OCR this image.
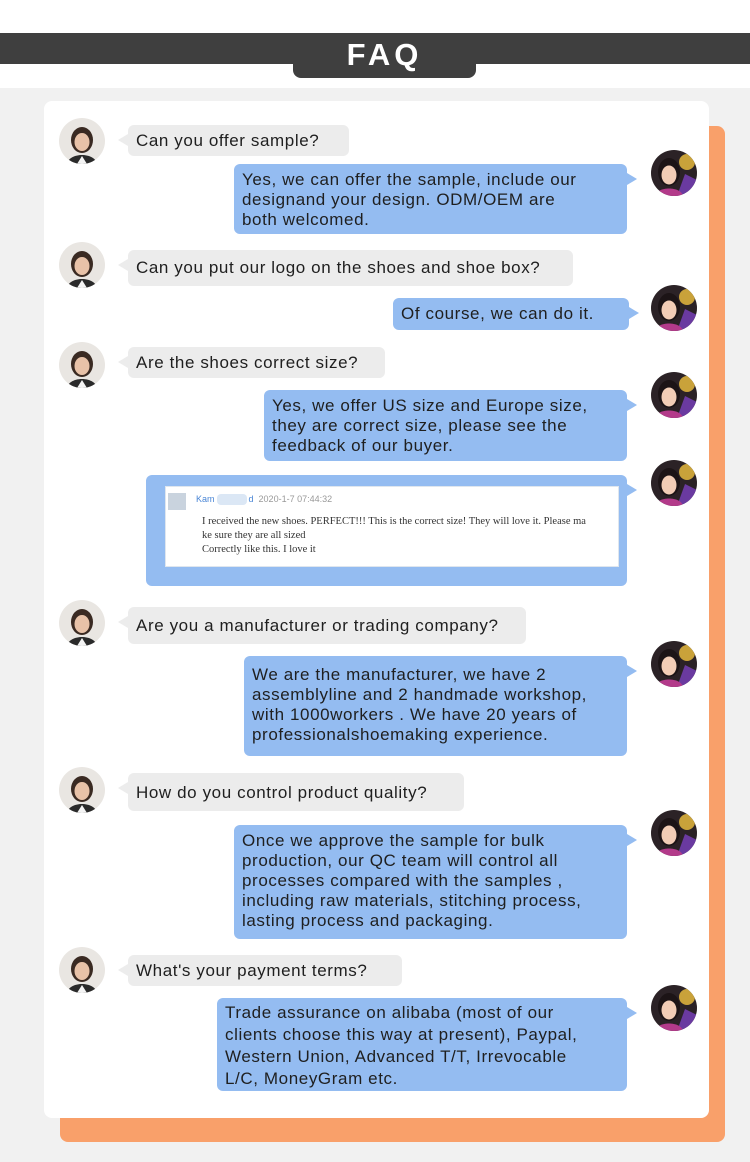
FAQ
Can you offer sample?
Yes, we can offer the sample, include our
designand your design. ODM/OEM are
both welcomed.
Can you put our logo on the shoes and shoe box?
Of course, we can do it.
Are the shoes correct size?
Yes, we offer US size and Europe size,
they are correct size, please see the
feedback of our buyer.
Kam	d 2020-1-7 07:44:32
I received the new shoes. PERFECT!!! This is the correct size! They will love it. Please ma
ke sure they are all sized
Correctly like this. I love it
Are you a manufacturer or trading company?
We are the manufacturer, we have 2
assemblyline and 2 handmade workshop,
with 1000workers . We have 20 years of
professionalshoemaking experience.
How do you control product quality?
Once we approve the sample for bulk
production, our QC team will control all
processes compared with the samples ,
including raw materials, stitching process,
lasting process and packaging.
What's your payment terms?
Trade assurance on alibaba (most of our
clients choose this way at present), Paypal,
Western Union, Advanced T/T, Irrevocable
L/C, MoneyGram etc.
